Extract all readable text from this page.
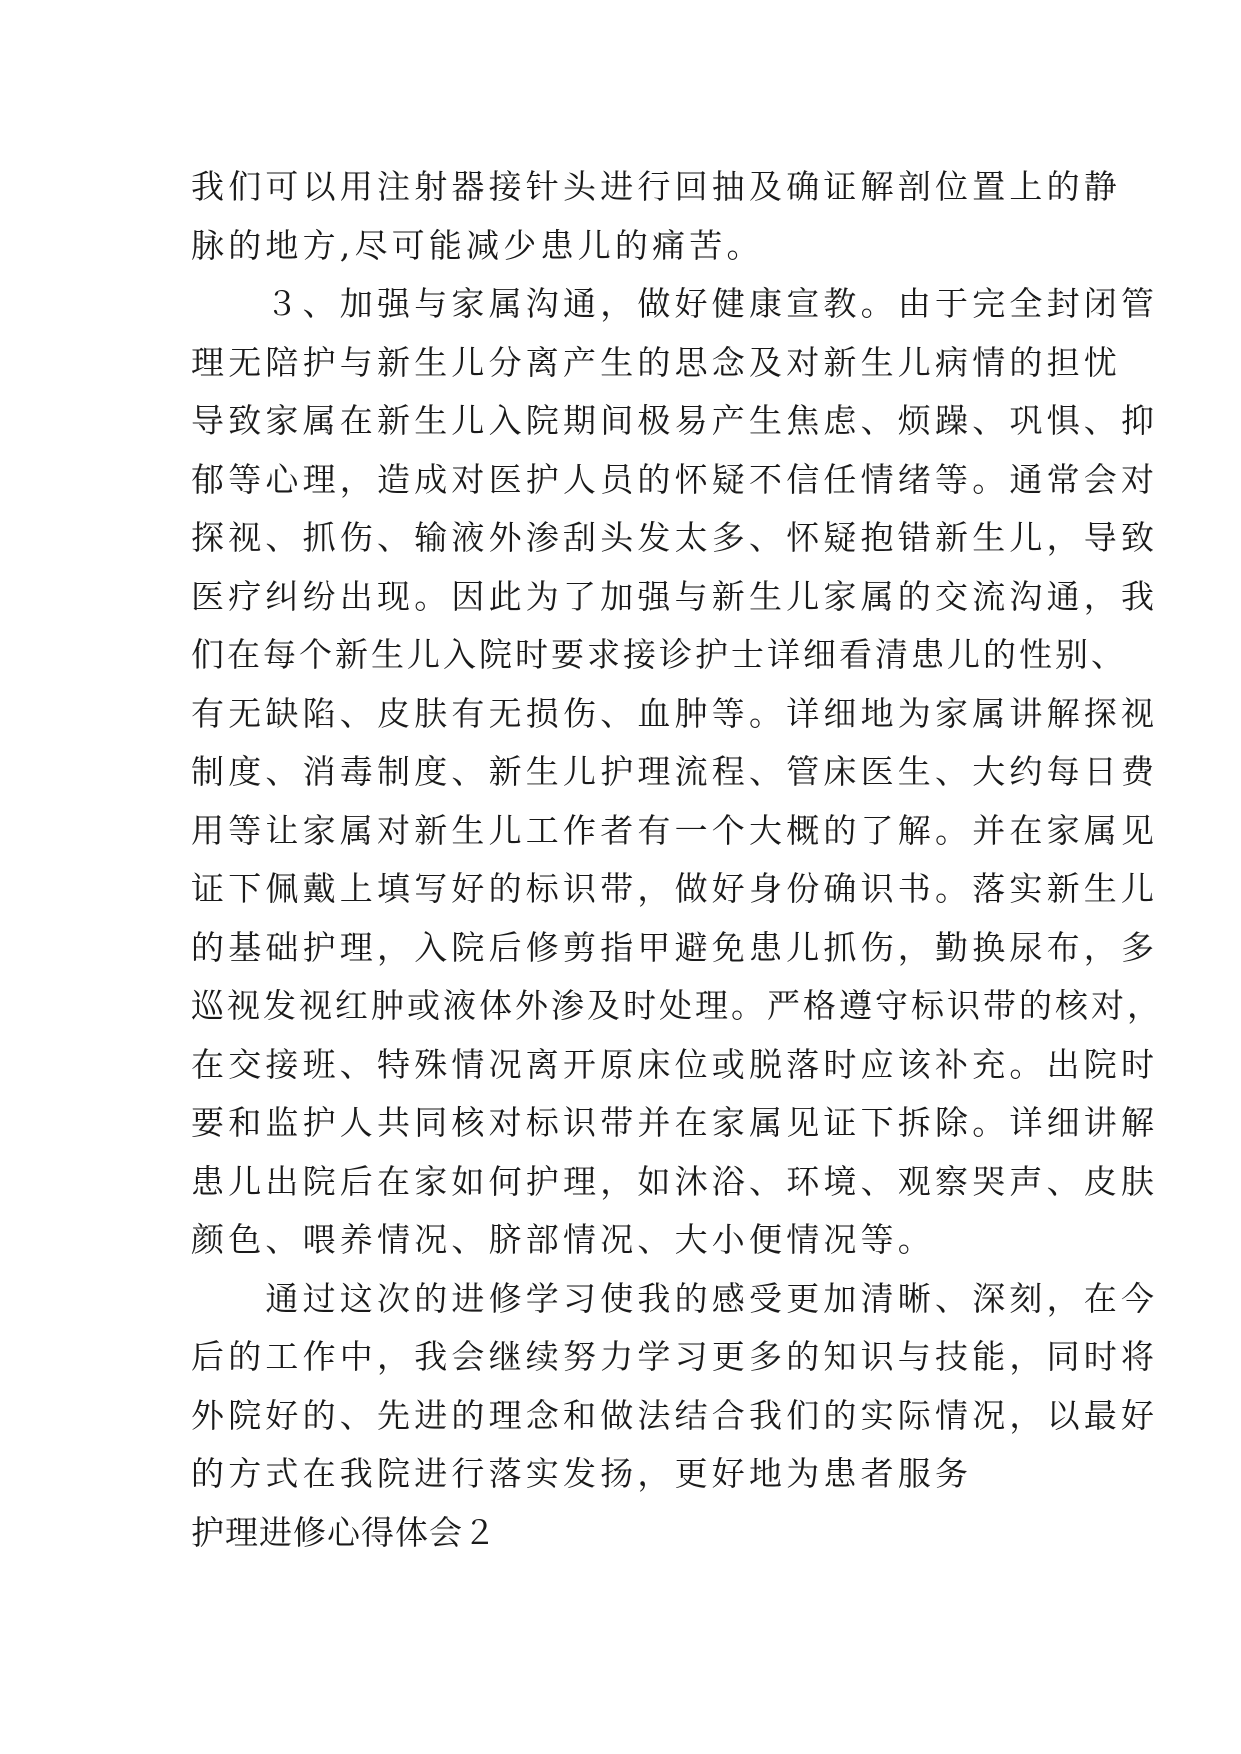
我们可以用注射器接针头进行回抽及确证解剖位置上的静
脉的地方,尽可能减少患儿的痛苦。
　　３、加强与家属沟通，做好健康宣教。由于完全封闭管
理无陪护与新生儿分离产生的思念及对新生儿病情的担忧
导致家属在新生儿入院期间极易产生焦虑、烦躁、巩惧、抑
郁等心理，造成对医护人员的怀疑不信任情绪等。通常会对
探视、抓伤、输液外渗刮头发太多、怀疑抱错新生儿，导致
医疗纠纷出现。因此为了加强与新生儿家属的交流沟通，我
们在每个新生儿入院时要求接诊护士详细看清患儿的性别、
有无缺陷、皮肤有无损伤、血肿等。详细地为家属讲解探视
制度、消毒制度、新生儿护理流程、管床医生、大约每日费
用等让家属对新生儿工作者有一个大概的了解。并在家属见
证下佩戴上填写好的标识带，做好身份确识书。落实新生儿
的基础护理，入院后修剪指甲避免患儿抓伤，勤换尿布，多
巡视发视红肿或液体外渗及时处理。严格遵守标识带的核对，
在交接班、特殊情况离开原床位或脱落时应该补充。出院时
要和监护人共同核对标识带并在家属见证下拆除。详细讲解
患儿出院后在家如何护理，如沐浴、环境、观察哭声、皮肤
颜色、喂养情况、脐部情况、大小便情况等。
　　通过这次的进修学习使我的感受更加清晰、深刻，在今
后的工作中，我会继续努力学习更多的知识与技能，同时将
外院好的、先进的理念和做法结合我们的实际情况，以最好
的方式在我院进行落实发扬，更好地为患者服务
护理进修心得体会２
